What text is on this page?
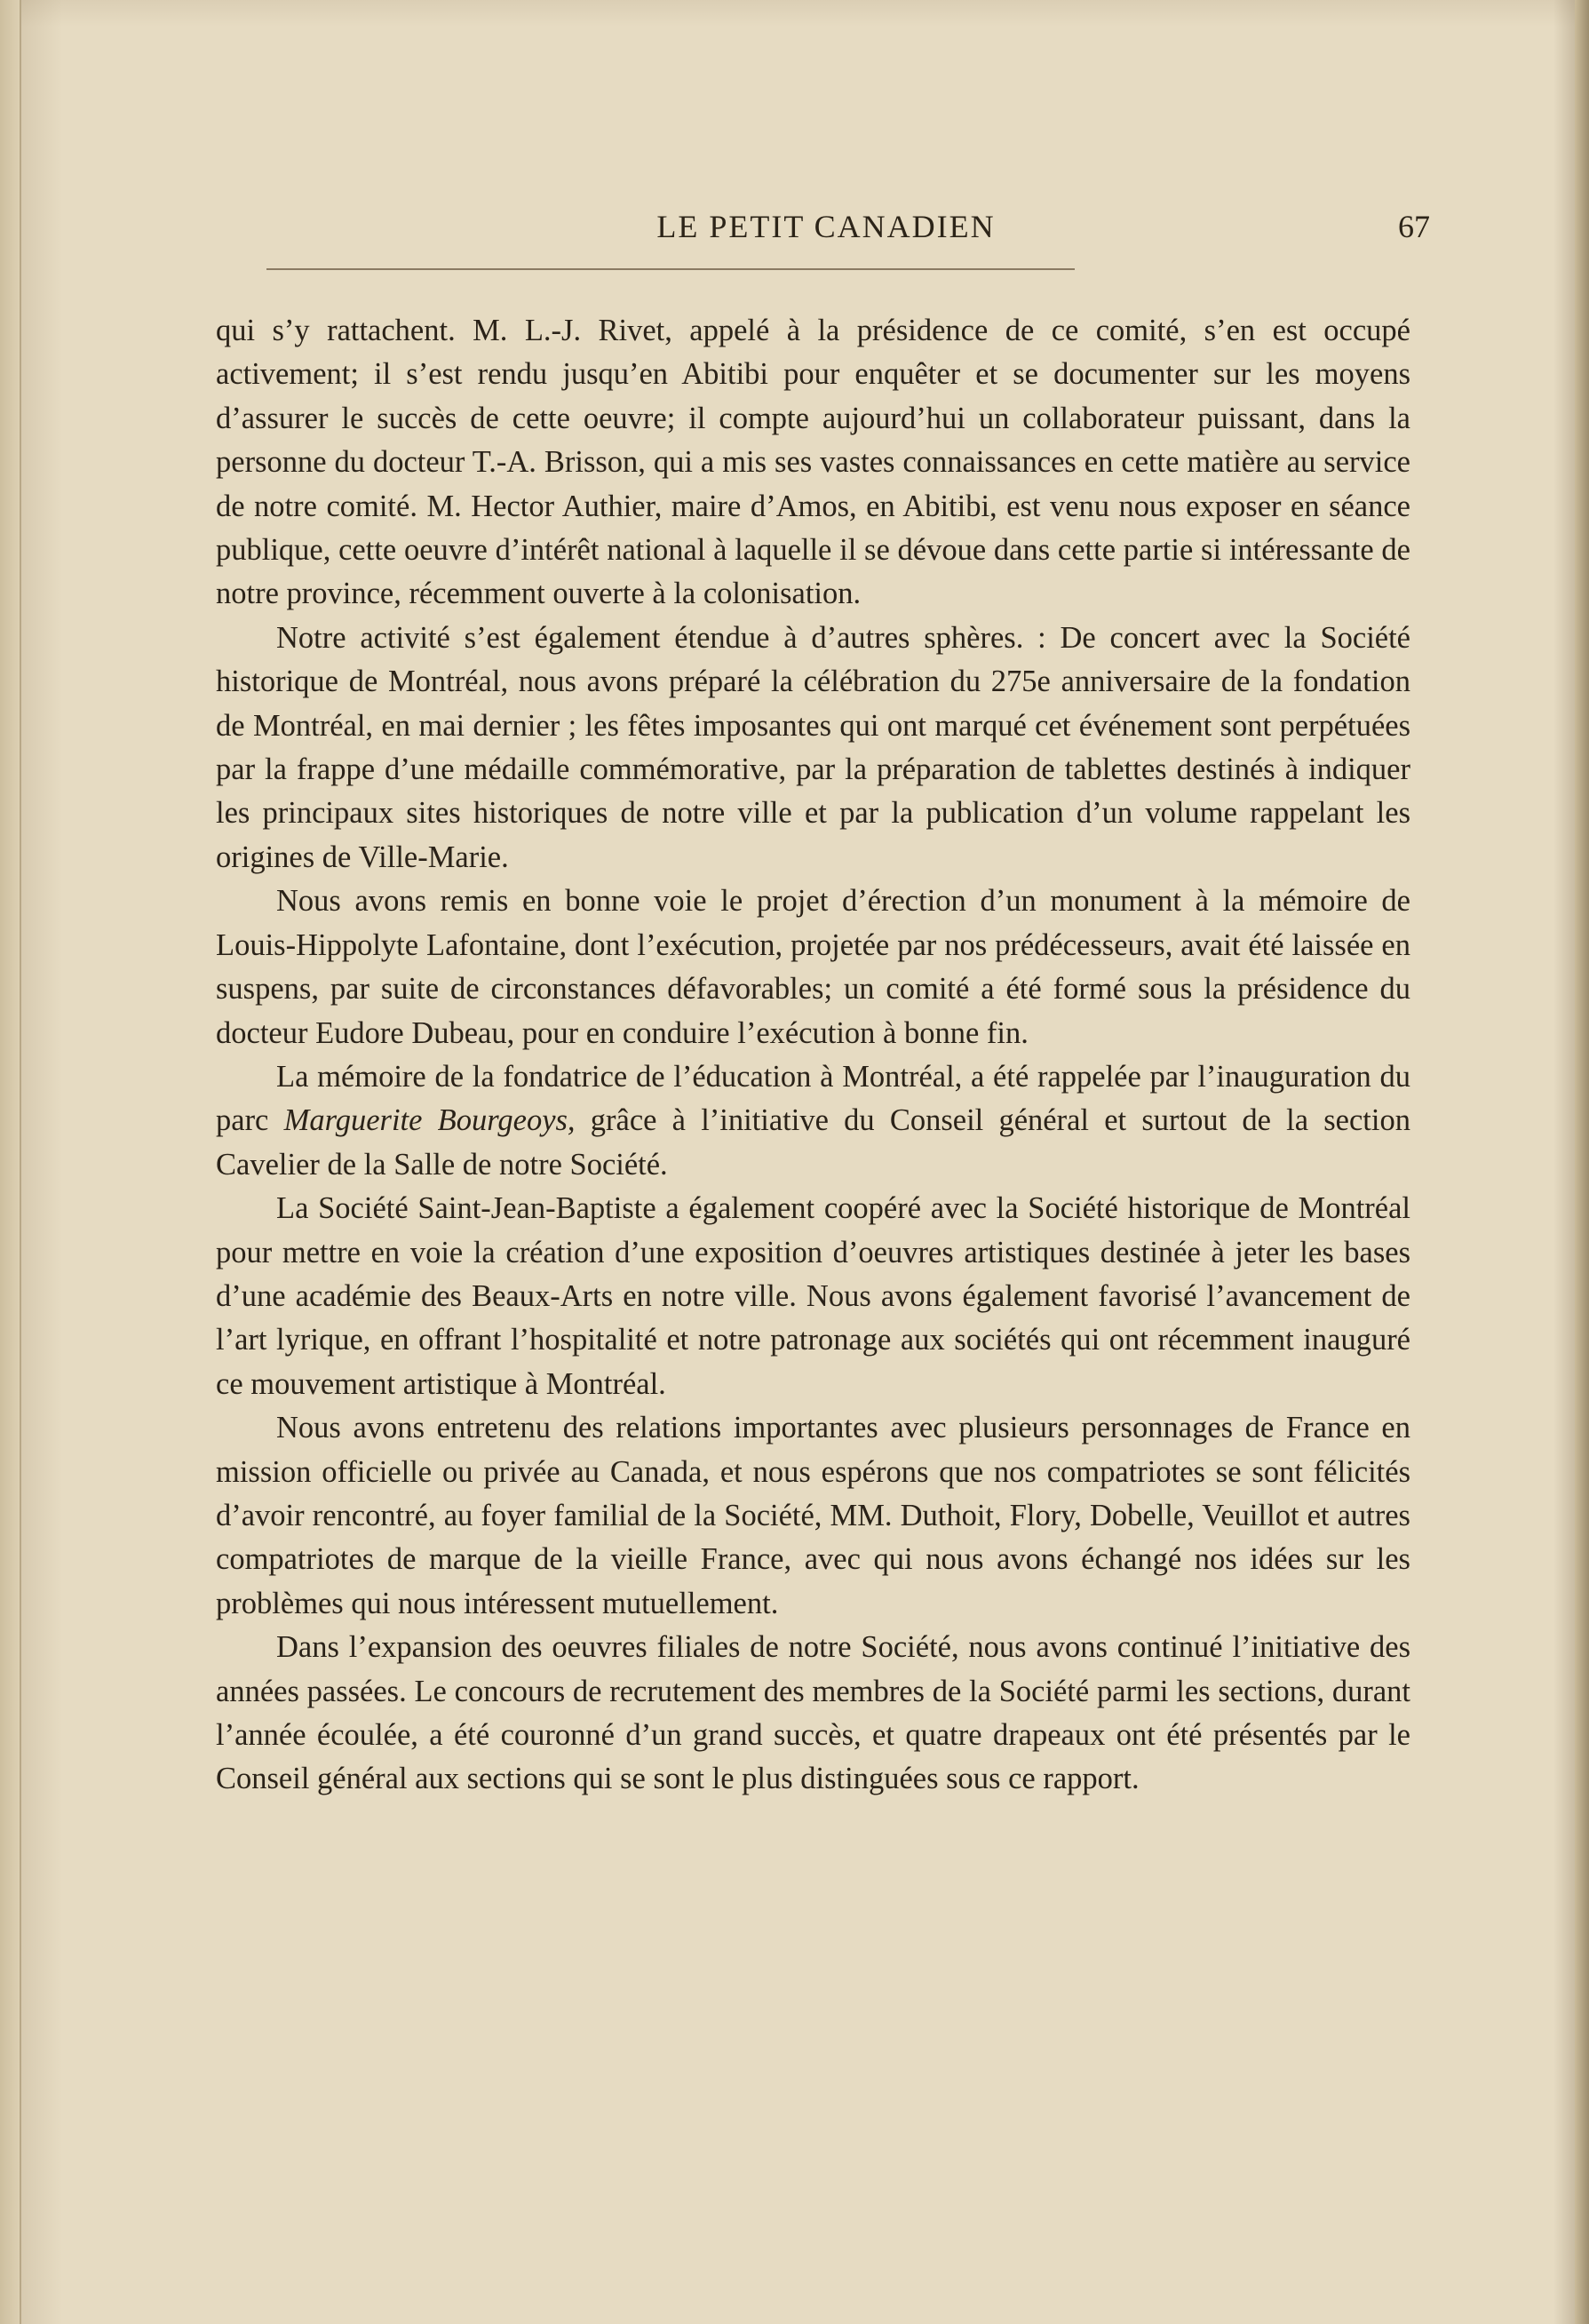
LE PETIT CANADIEN	67

qui s’y rattachent. M. L.-J. Rivet, appelé à la présidence de ce comité, s’en est occupé activement; il s’est rendu jusqu’en Abitibi pour enquêter et se documenter sur les moyens d’assurer le succès de cette oeuvre; il compte aujourd’hui un collaborateur puissant, dans la personne du docteur T.-A. Brisson, qui a mis ses vastes connaissances en cette matière au service de notre comité. M. Hector Authier, maire d’Amos, en Abitibi, est venu nous exposer en séance publique, cette oeuvre d’intérêt national à laquelle il se dévoue dans cette partie si intéressante de notre province, récemment ouverte à la colonisation.

Notre activité s’est également étendue à d’autres sphères. : De concert avec la Société historique de Montréal, nous avons préparé la célébration du 275e anniversaire de la fondation de Montréal, en mai dernier ; les fêtes imposantes qui ont marqué cet événement sont perpétuées par la frappe d’une médaille commémorative, par la préparation de tablettes destinés à indiquer les principaux sites historiques de notre ville et par la publication d’un volume rappelant les origines de Ville-Marie.

Nous avons remis en bonne voie le projet d’érection d’un monument à la mémoire de Louis-Hippolyte Lafontaine, dont l’exécution, projetée par nos prédécesseurs, avait été laissée en suspens, par suite de circonstances défavorables; un comité a été formé sous la présidence du docteur Eudore Dubeau, pour en conduire l’exécution à bonne fin.

La mémoire de la fondatrice de l’éducation à Montréal, a été rappelée par l’inauguration du parc Marguerite Bourgeoys, grâce à l’initiative du Conseil général et surtout de la section Cavelier de la Salle de notre Société.

La Société Saint-Jean-Baptiste a également coopéré avec la Société historique de Montréal pour mettre en voie la création d’une exposition d’oeuvres artistiques destinée à jeter les bases d’une académie des Beaux-Arts en notre ville. Nous avons également favorisé l’avancement de l’art lyrique, en offrant l’hospitalité et notre patronage aux sociétés qui ont récemment inauguré ce mouvement artistique à Montréal.

Nous avons entretenu des relations importantes avec plusieurs personnages de France en mission officielle ou privée au Canada, et nous espérons que nos compatriotes se sont félicités d’avoir rencontré, au foyer familial de la Société, MM. Duthoit, Flory, Dobelle, Veuillot et autres compatriotes de marque de la vieille France, avec qui nous avons échangé nos idées sur les problèmes qui nous intéressent mutuellement.

Dans l’expansion des oeuvres filiales de notre Société, nous avons continué l’initiative des années passées. Le concours de recrutement des membres de la Société parmi les sections, durant l’année écoulée, a été couronné d’un grand succès, et quatre drapeaux ont été présentés par le Conseil général aux sections qui se sont le plus distinguées sous ce rapport.
